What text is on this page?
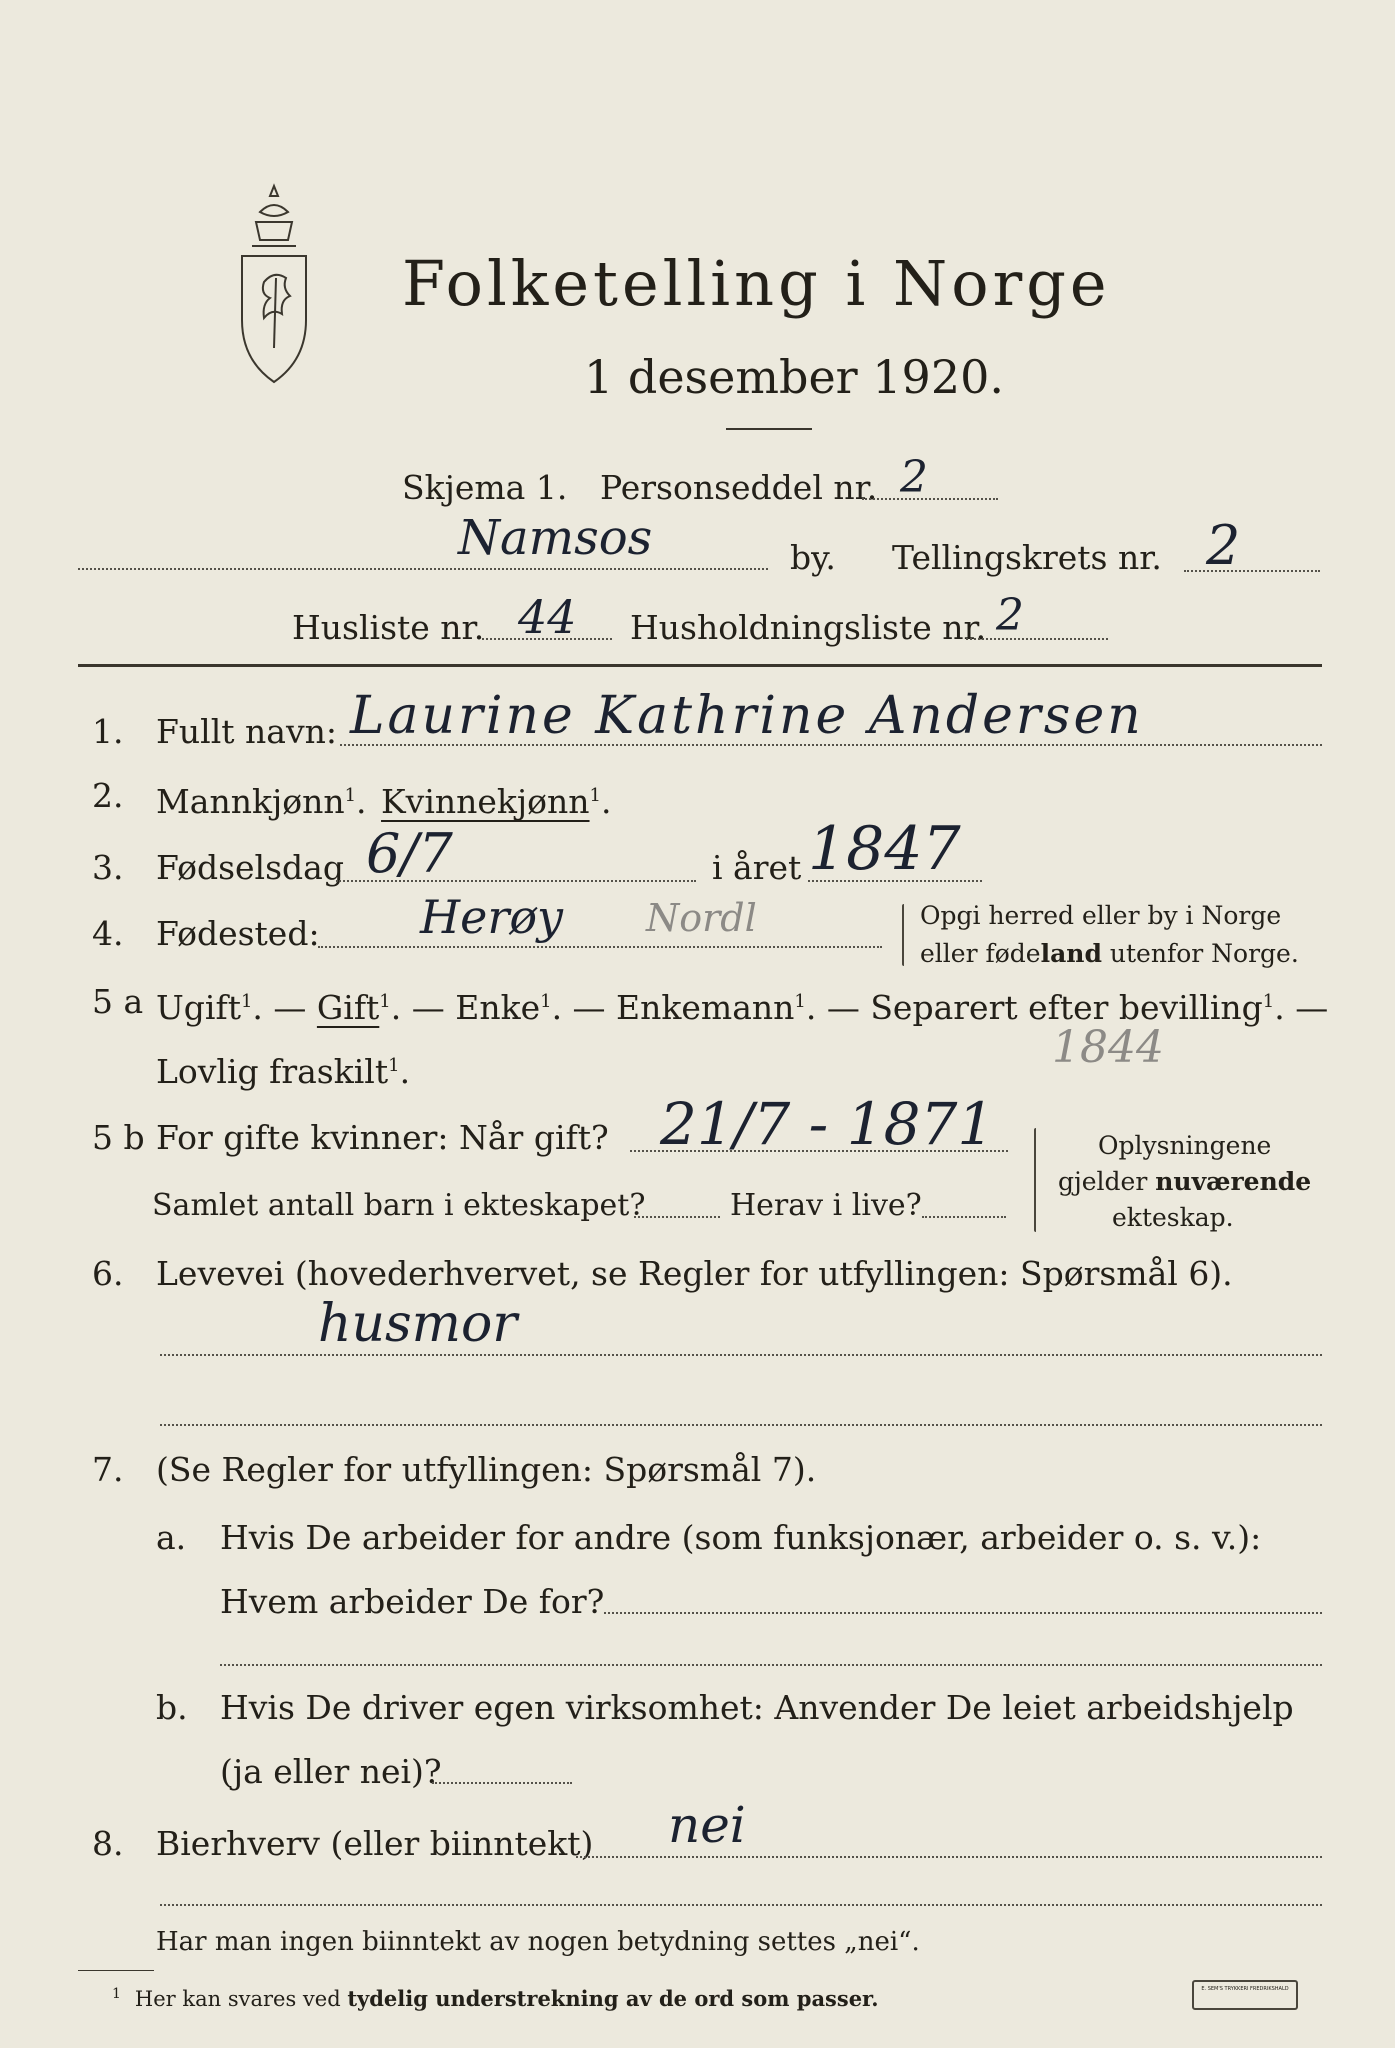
Folketelling i Norge
1 desember 1920.
Skjema 1. Personseddel nr. 2
Namsos	by. Tellingskrets nr. 2
Husliste nr. 44 Husholdningsliste nr. 2
1. Fullt navn: Laurine Kathrine Andersen
2. Mannkjønn$^1$. Kvinnekjønn$^1$.
3. Fødselsdag 6/7	i året 1847
4. Fødested: Herøy Nordl	Opgi herred eller by i Norge
eller fødeland utenfor Norge.
5 a Ugift$^1$. — Gift$^1$. — Enke$^1$. — Enkemann$^1$. — Separert efter bevilling$^1$. —
Lovlig fraskilt$^1$.	1844
5 b For gifte kvinner: Når gift? 21/7 - 1871
Samlet antall barn i ekteskapet?	Herav i live?
Oplysningene
gjelder nuværende
ekteskap.
6. Levevei (hovederhvervet, se Regler for utfyllingen: Spørsmål 6).
husmor
7. (Se Regler for utfyllingen: Spørsmål 7).
a. Hvis De arbeider for andre (som funksjonær, arbeider o. s. v.):
Hvem arbeider De for?
b. Hvis De driver egen virksomhet: Anvender De leiet arbeidshjelp
(ja eller nei)?
8. Bierhverv (eller biinntekt) nei
Har man ingen biinntekt av nogen betydning settes „nei“.
$^1$ Her kan svares ved tydelig understrekning av de ord som passer.	E. SEM'S TRYKKERI FREDRIKSHALD
